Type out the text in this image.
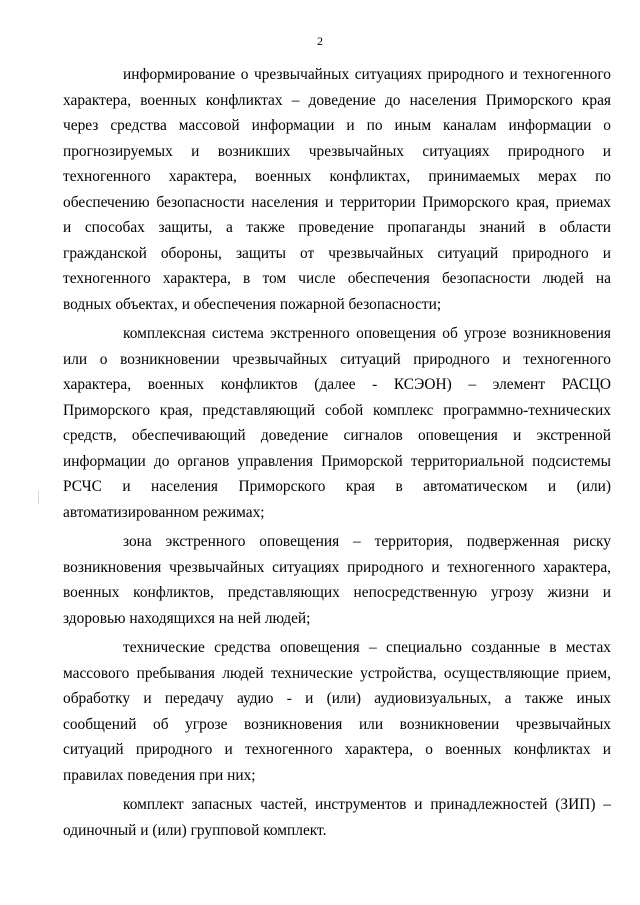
2
информирование о чрезвычайных ситуациях природного и техногенного
характера, военных конфликтах – доведение до населения Приморского края
через средства массовой информации и по иным каналам информации о
прогнозируемых и возникших чрезвычайных ситуациях природного и
техногенного характера, военных конфликтах, принимаемых мерах по
обеспечению безопасности населения и территории Приморского края, приемах
и способах защиты, а также проведение пропаганды знаний в области
гражданской обороны, защиты от чрезвычайных ситуаций природного и
техногенного характера, в том числе обеспечения безопасности людей на
водных объектах, и обеспечения пожарной безопасности;
комплексная система экстренного оповещения об угрозе возникновения
или о возникновении чрезвычайных ситуаций природного и техногенного
характера, военных конфликтов (далее - КСЭОН) – элемент РАСЦО
Приморского края, представляющий собой комплекс программно-технических
средств, обеспечивающий доведение сигналов оповещения и экстренной
информации до органов управления Приморской территориальной подсистемы
РСЧС и населения Приморского края в автоматическом и (или)
автоматизированном режимах;
зона экстренного оповещения – территория, подверженная риску
возникновения чрезвычайных ситуациях природного и техногенного характера,
военных конфликтов, представляющих непосредственную угрозу жизни и
здоровью находящихся на ней людей;
технические средства оповещения – специально созданные в местах
массового пребывания людей технические устройства, осуществляющие прием,
обработку и передачу аудио - и (или) аудиовизуальных, а также иных
сообщений об угрозе возникновения или возникновении чрезвычайных
ситуаций природного и техногенного характера, о военных конфликтах и
правилах поведения при них;
комплект запасных частей, инструментов и принадлежностей (ЗИП) –
одиночный и (или) групповой комплект.
